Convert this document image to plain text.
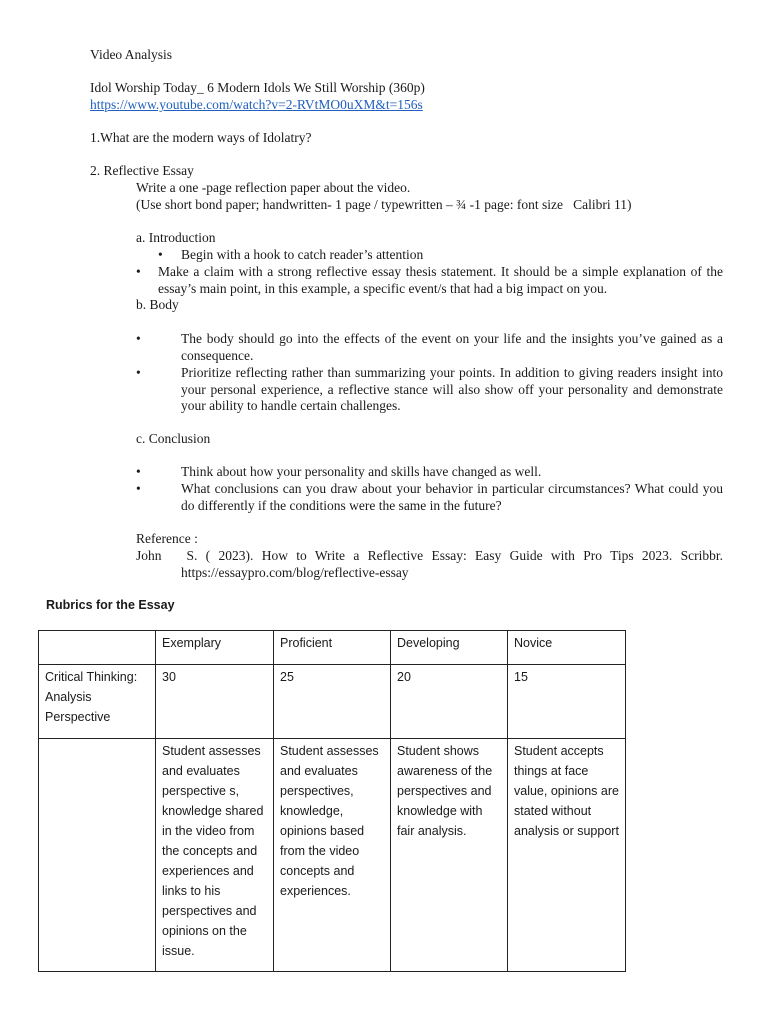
Video Analysis
Idol Worship Today_ 6 Modern Idols We Still Worship (360p)
https://www.youtube.com/watch?v=2-RVtMO0uXM&t=156s
1.What are the modern ways of Idolatry?
2. Reflective Essay
Write a one -page reflection paper about the video.
(Use short bond paper; handwritten- 1 page / typewritten – ¾ -1 page: font size   Calibri 11)
a. Introduction
• Begin with a hook to catch reader’s attention
• Make a claim with a strong reflective essay thesis statement. It should be a simple explanation of the essay’s main point, in this example, a specific event/s that had a big impact on you.
b. Body
•	The body should go into the effects of the event on your life and the insights you’ve gained as a consequence.
•	Prioritize reflecting rather than summarizing your points. In addition to giving readers insight into your personal experience, a reflective stance will also show off your personality and demonstrate your ability to handle certain challenges.
c. Conclusion
•	Think about how your personality and skills have changed as well.
•	What conclusions can you draw about your behavior in particular circumstances? What could you do differently if the conditions were the same in the future?
Reference :
John   S. ( 2023). How to Write a Reflective Essay: Easy Guide with Pro Tips 2023. Scribbr.
https://essaypro.com/blog/reflective-essay
Rubrics for the Essay
	Exemplary	Proficient	Developing	Novice
Critical Thinking: Analysis Perspective	30	25	20	15
	Student assesses and evaluates perspective s, knowledge shared in the video from the concepts and experiences and links to his perspectives and opinions on the issue.	Student assesses and evaluates perspectives, knowledge, opinions based from the video concepts and experiences.	Student shows awareness of the perspectives and knowledge with fair analysis.	Student accepts things at face value, opinions are stated without analysis or support
